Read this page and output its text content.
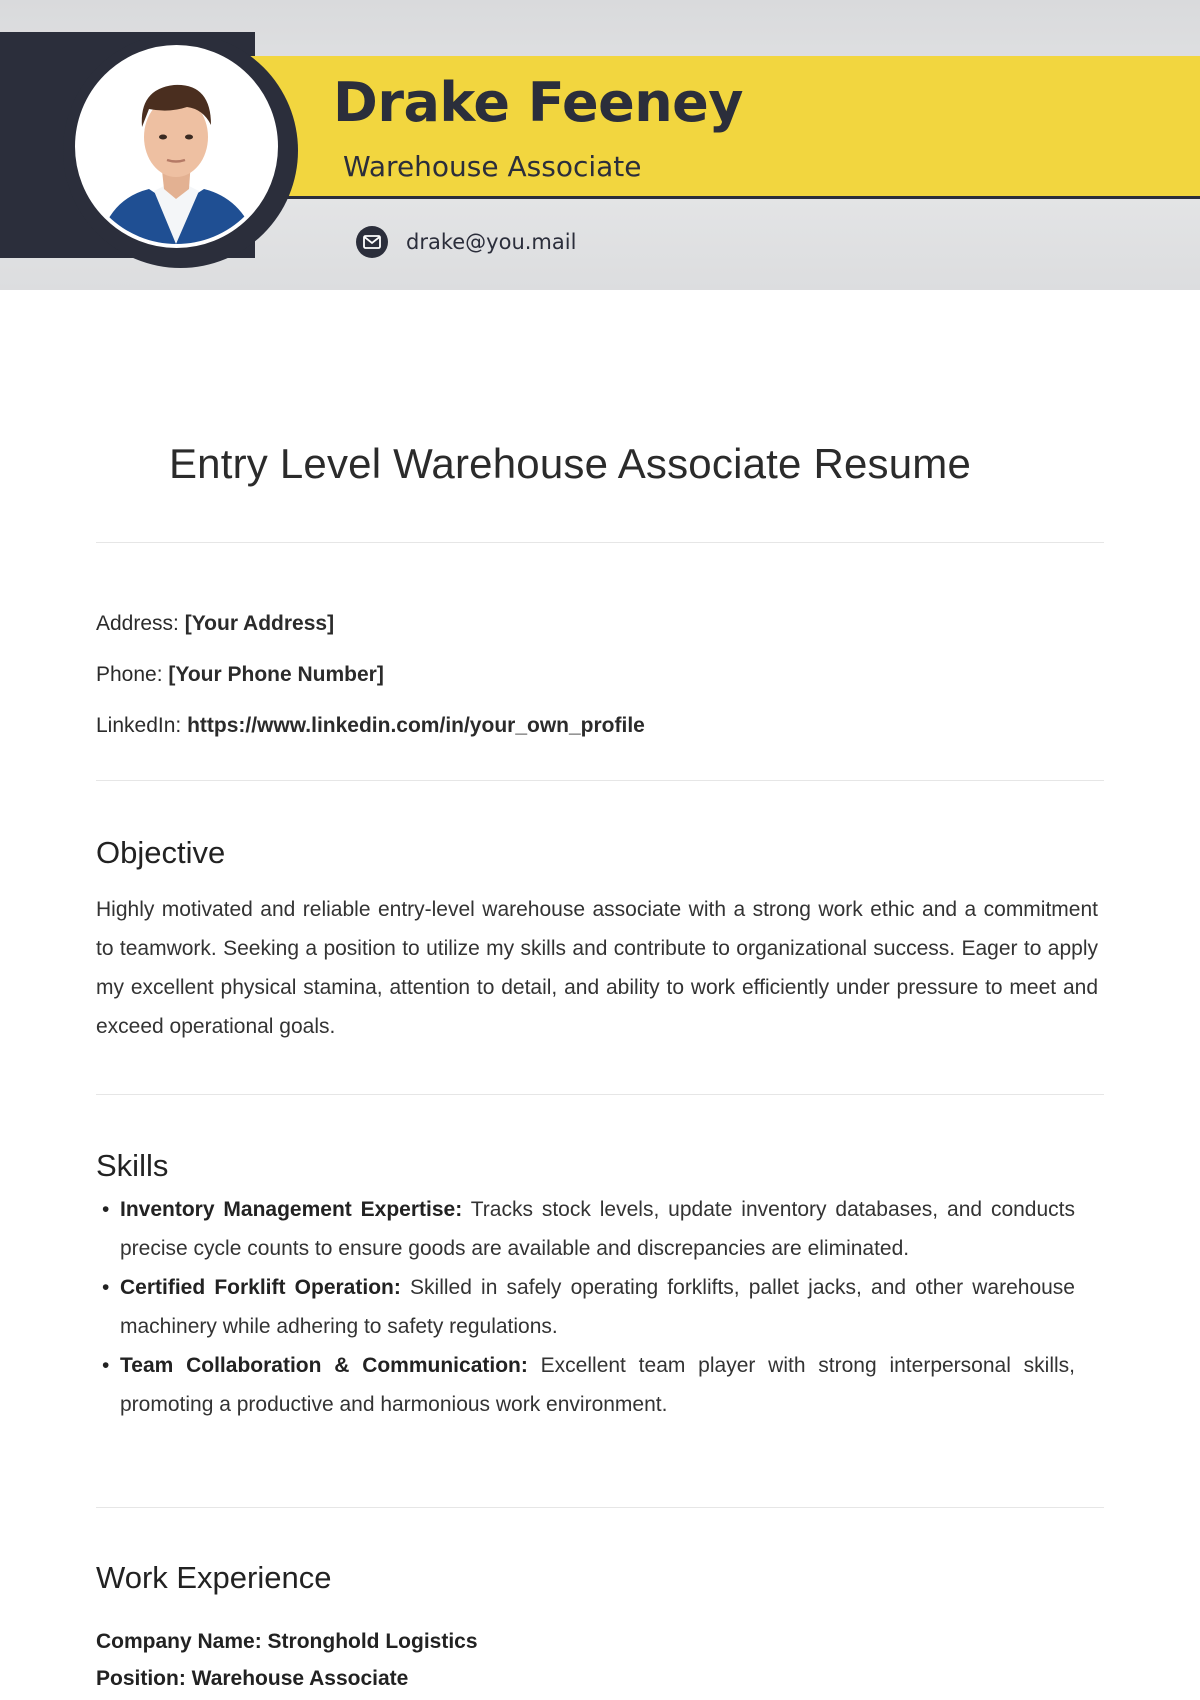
Drake Feeney
Warehouse Associate
drake@you.mail
Entry Level Warehouse Associate Resume
Address: [Your Address]
Phone: [Your Phone Number]
LinkedIn: https://www.linkedin.com/in/your_own_profile
Objective

Highly motivated and reliable entry-level warehouse associate with a strong work ethic and a commitment to teamwork. Seeking a position to utilize my skills and contribute to organizational success. Eager to apply my excellent physical stamina, attention to detail, and ability to work efficiently under pressure to meet and exceed operational goals.

Skills
• Inventory Management Expertise: Tracks stock levels, update inventory databases, and conducts precise cycle counts to ensure goods are available and discrepancies are eliminated.
• Certified Forklift Operation: Skilled in safely operating forklifts, pallet jacks, and other warehouse machinery while adhering to safety regulations.
• Team Collaboration & Communication: Excellent team player with strong interpersonal skills, promoting a productive and harmonious work environment.
Work Experience
Company Name: Stronghold Logistics
Position: Warehouse Associate
